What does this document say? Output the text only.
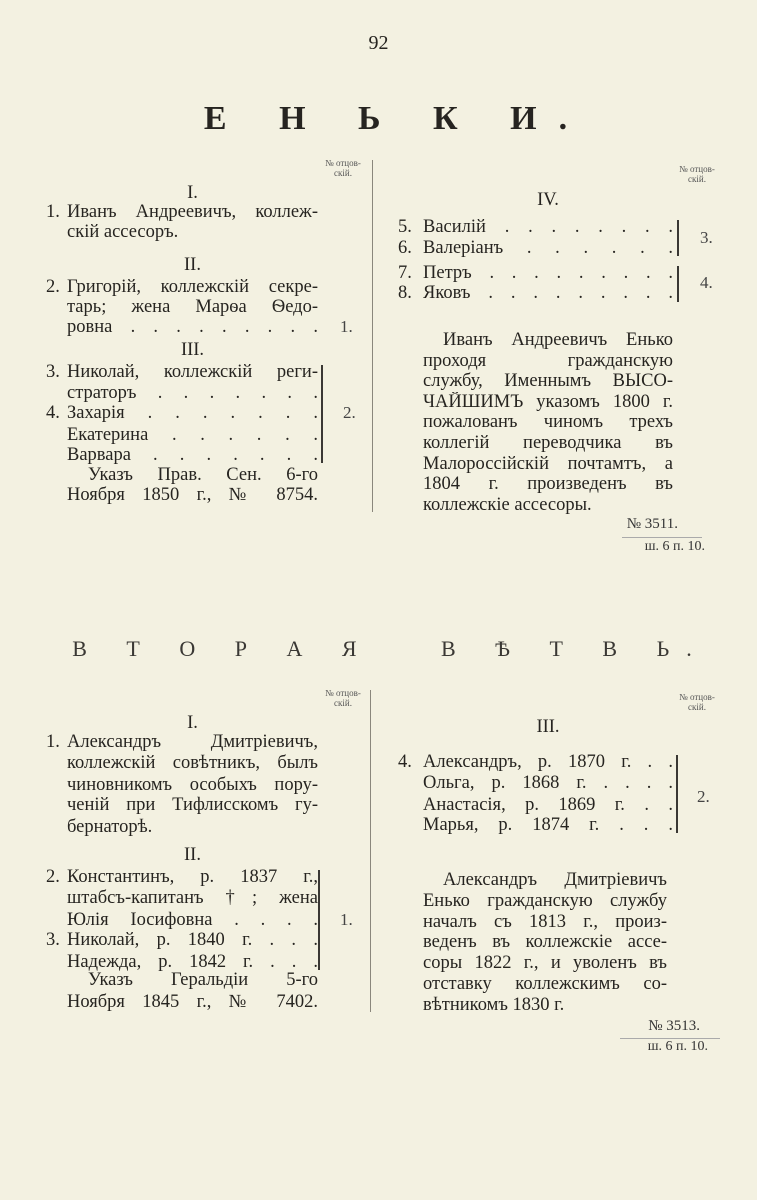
92
Е Н Ь К И.
№ отцов-
скій.
I.
1. Иванъ Андреевичъ, коллеж-
скій ассесоръ.
II.
2. Григорій, коллежскій секре-
тарь; жена Марѳа Ѳедо-
ровна . . . . . . . . . 1.
III.
3. Николай, коллежскій реги-
страторъ . . . . . . .
4. Захарія . . . . . . .
Екатерина . . . . . .
Варвара . . . . . . .
2.
Указъ Прав. Сен. 6-го
Ноября 1850 г., № 8754.
№ отцов-
скій.
IV.
5. Василій . . . . . . . .
6. Валеріанъ . . . . . .
7. Петръ . . . . . . . . .
8. Яковъ . . . . . . . . .
3.
4.
Иванъ Андреевичъ Енько
проходя гражданскую
службу, Именнымъ ВЫСО-
ЧАЙШИМЪ указомъ 1800 г.
пожалованъ чиномъ трехъ
коллегій переводчика въ
Малороссійскій почтамтъ, а
1804 г. произведенъ въ
коллежскіе ассесоры.
№ 3511.
ш. 6 п. 10.
В Т О Р А Я   В Ѣ Т В Ь.
№ отцов-
скій.
I.
1. Александръ Дмитріевичъ,
коллежскій совѣтникъ, былъ
чиновникомъ особыхъ пору-
ченій при Тифлисскомъ гу-
бернаторѣ.
II.
2. Константинъ, р. 1837 г.,
штабсъ-капитанъ †; жена
Юлія Іосифовна . . . .
3. Николай, р. 1840 г. . . .
Надежда, р. 1842 г. . . .
1.
Указъ Геральдіи 5-го
Ноября 1845 г., № 7402.
№ отцов-
скій.
III.
4. Александръ, р. 1870 г. . .
Ольга, р. 1868 г. . . . .
Анастасія, р. 1869 г. . .
Марья, р. 1874 г. . . .
2.
Александръ Дмитріевичъ
Енько гражданскую службу
началъ съ 1813 г., произ-
веденъ въ коллежскіе ассе-
соры 1822 г., и уволенъ въ
отставку коллежскимъ со-
вѣтникомъ 1830 г.
№ 3513.
ш. 6 п. 10.
